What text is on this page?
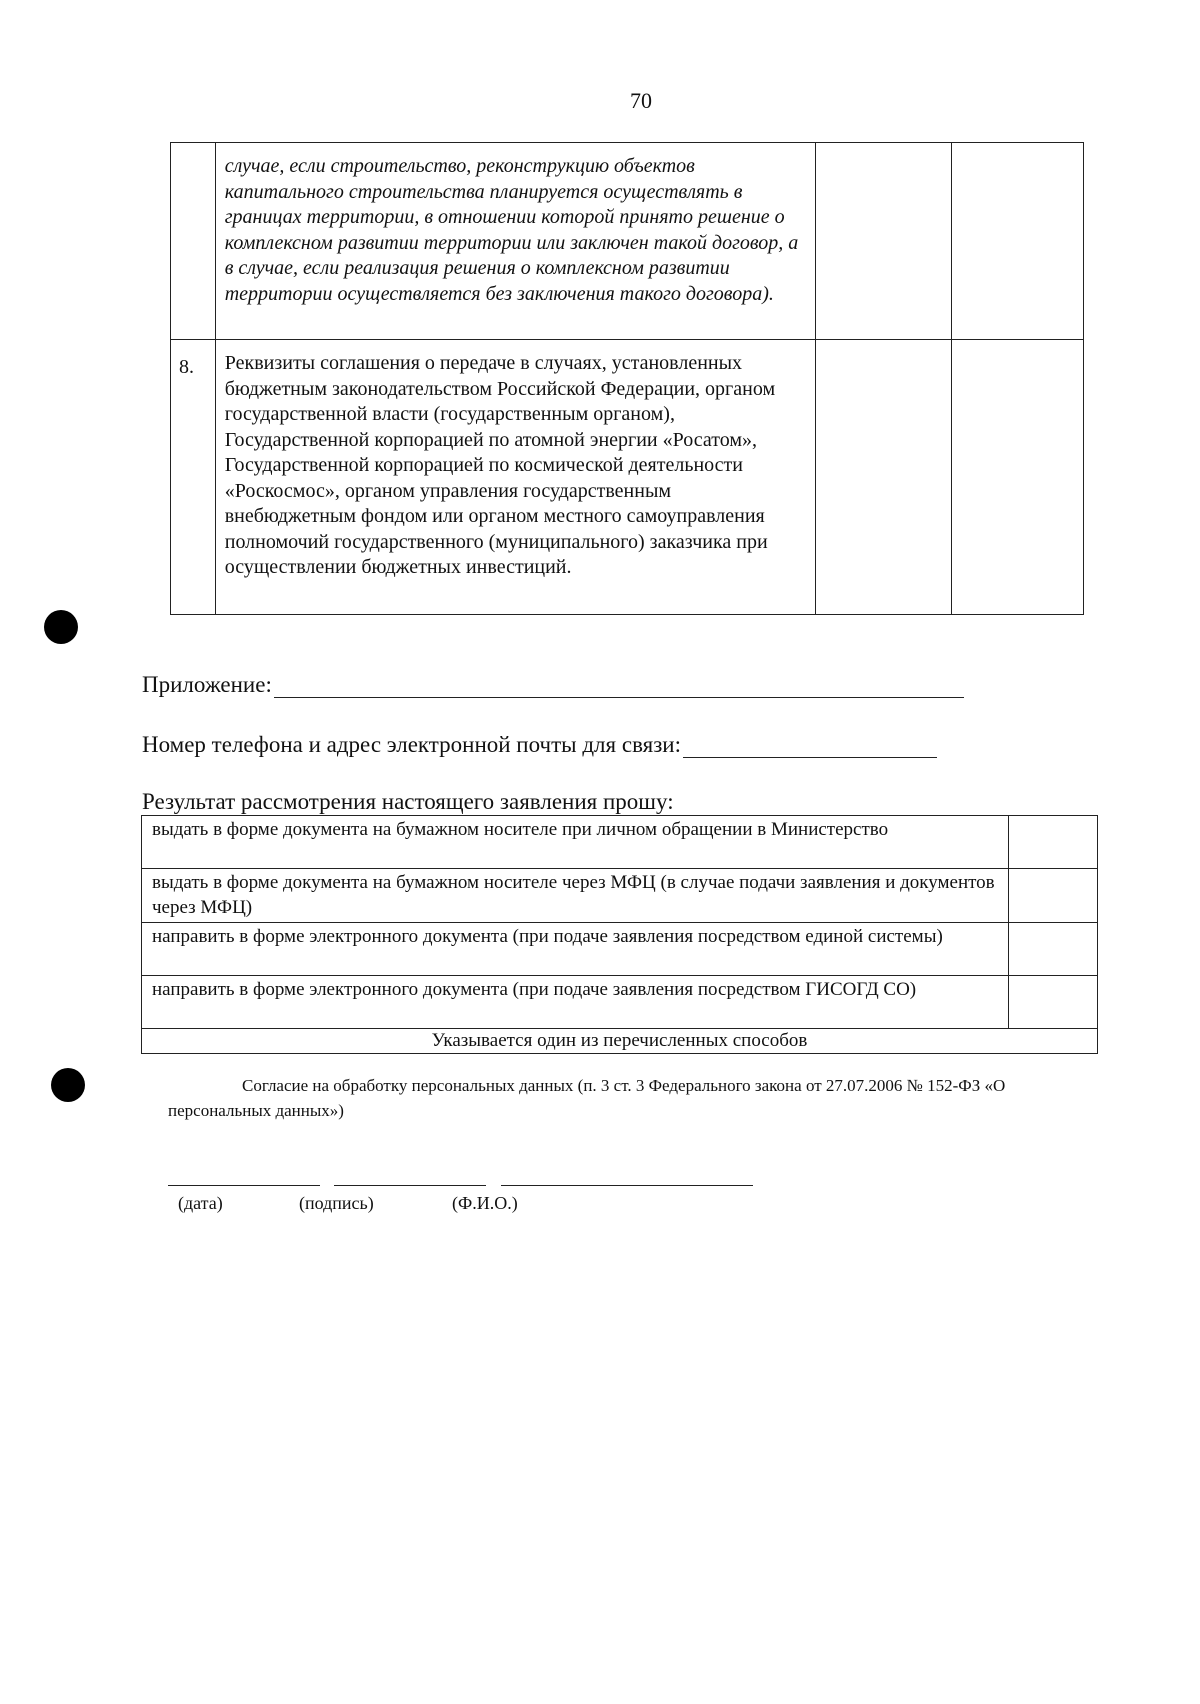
70

	случае, если строительство, реконструкцию объектов капитального строительства планируется осуществлять в границах территории, в отношении которой принято решение о комплексном развитии территории или заключен такой договор, а в случае, если реализация решения о комплексном развитии территории осуществляется без заключения такого договора).		

8.	Реквизиты соглашения о передаче в случаях, установленных бюджетным законодательством Российской Федерации, органом государственной власти (государственным органом), Государственной корпорацией по атомной энергии «Росатом», Государственной корпорацией по космической деятельности «Роскосмос», органом управления государственным внебюджетным фондом или органом местного самоуправления полномочий государственного (муниципального) заказчика при осуществлении бюджетных инвестиций.		

Приложение:
Номер телефона и адрес электронной почты для связи:
Результат рассмотрения настоящего заявления прошу:
выдать в форме документа на бумажном носителе при личном обращении в Министерство	
выдать в форме документа на бумажном носителе через МФЦ (в случае подачи заявления и документов через МФЦ)	
направить в форме электронного документа (при подаче заявления посредством единой системы)	
направить в форме электронного документа (при подаче заявления посредством ГИСОГД СО)	
Указывается один из перечисленных способов	
Согласие на обработку персональных данных (п. 3 ст. 3 Федерального закона от 27.07.2006 № 152-ФЗ «О персональных данных»)
(дата)	(подпись)	(Ф.И.О.)
